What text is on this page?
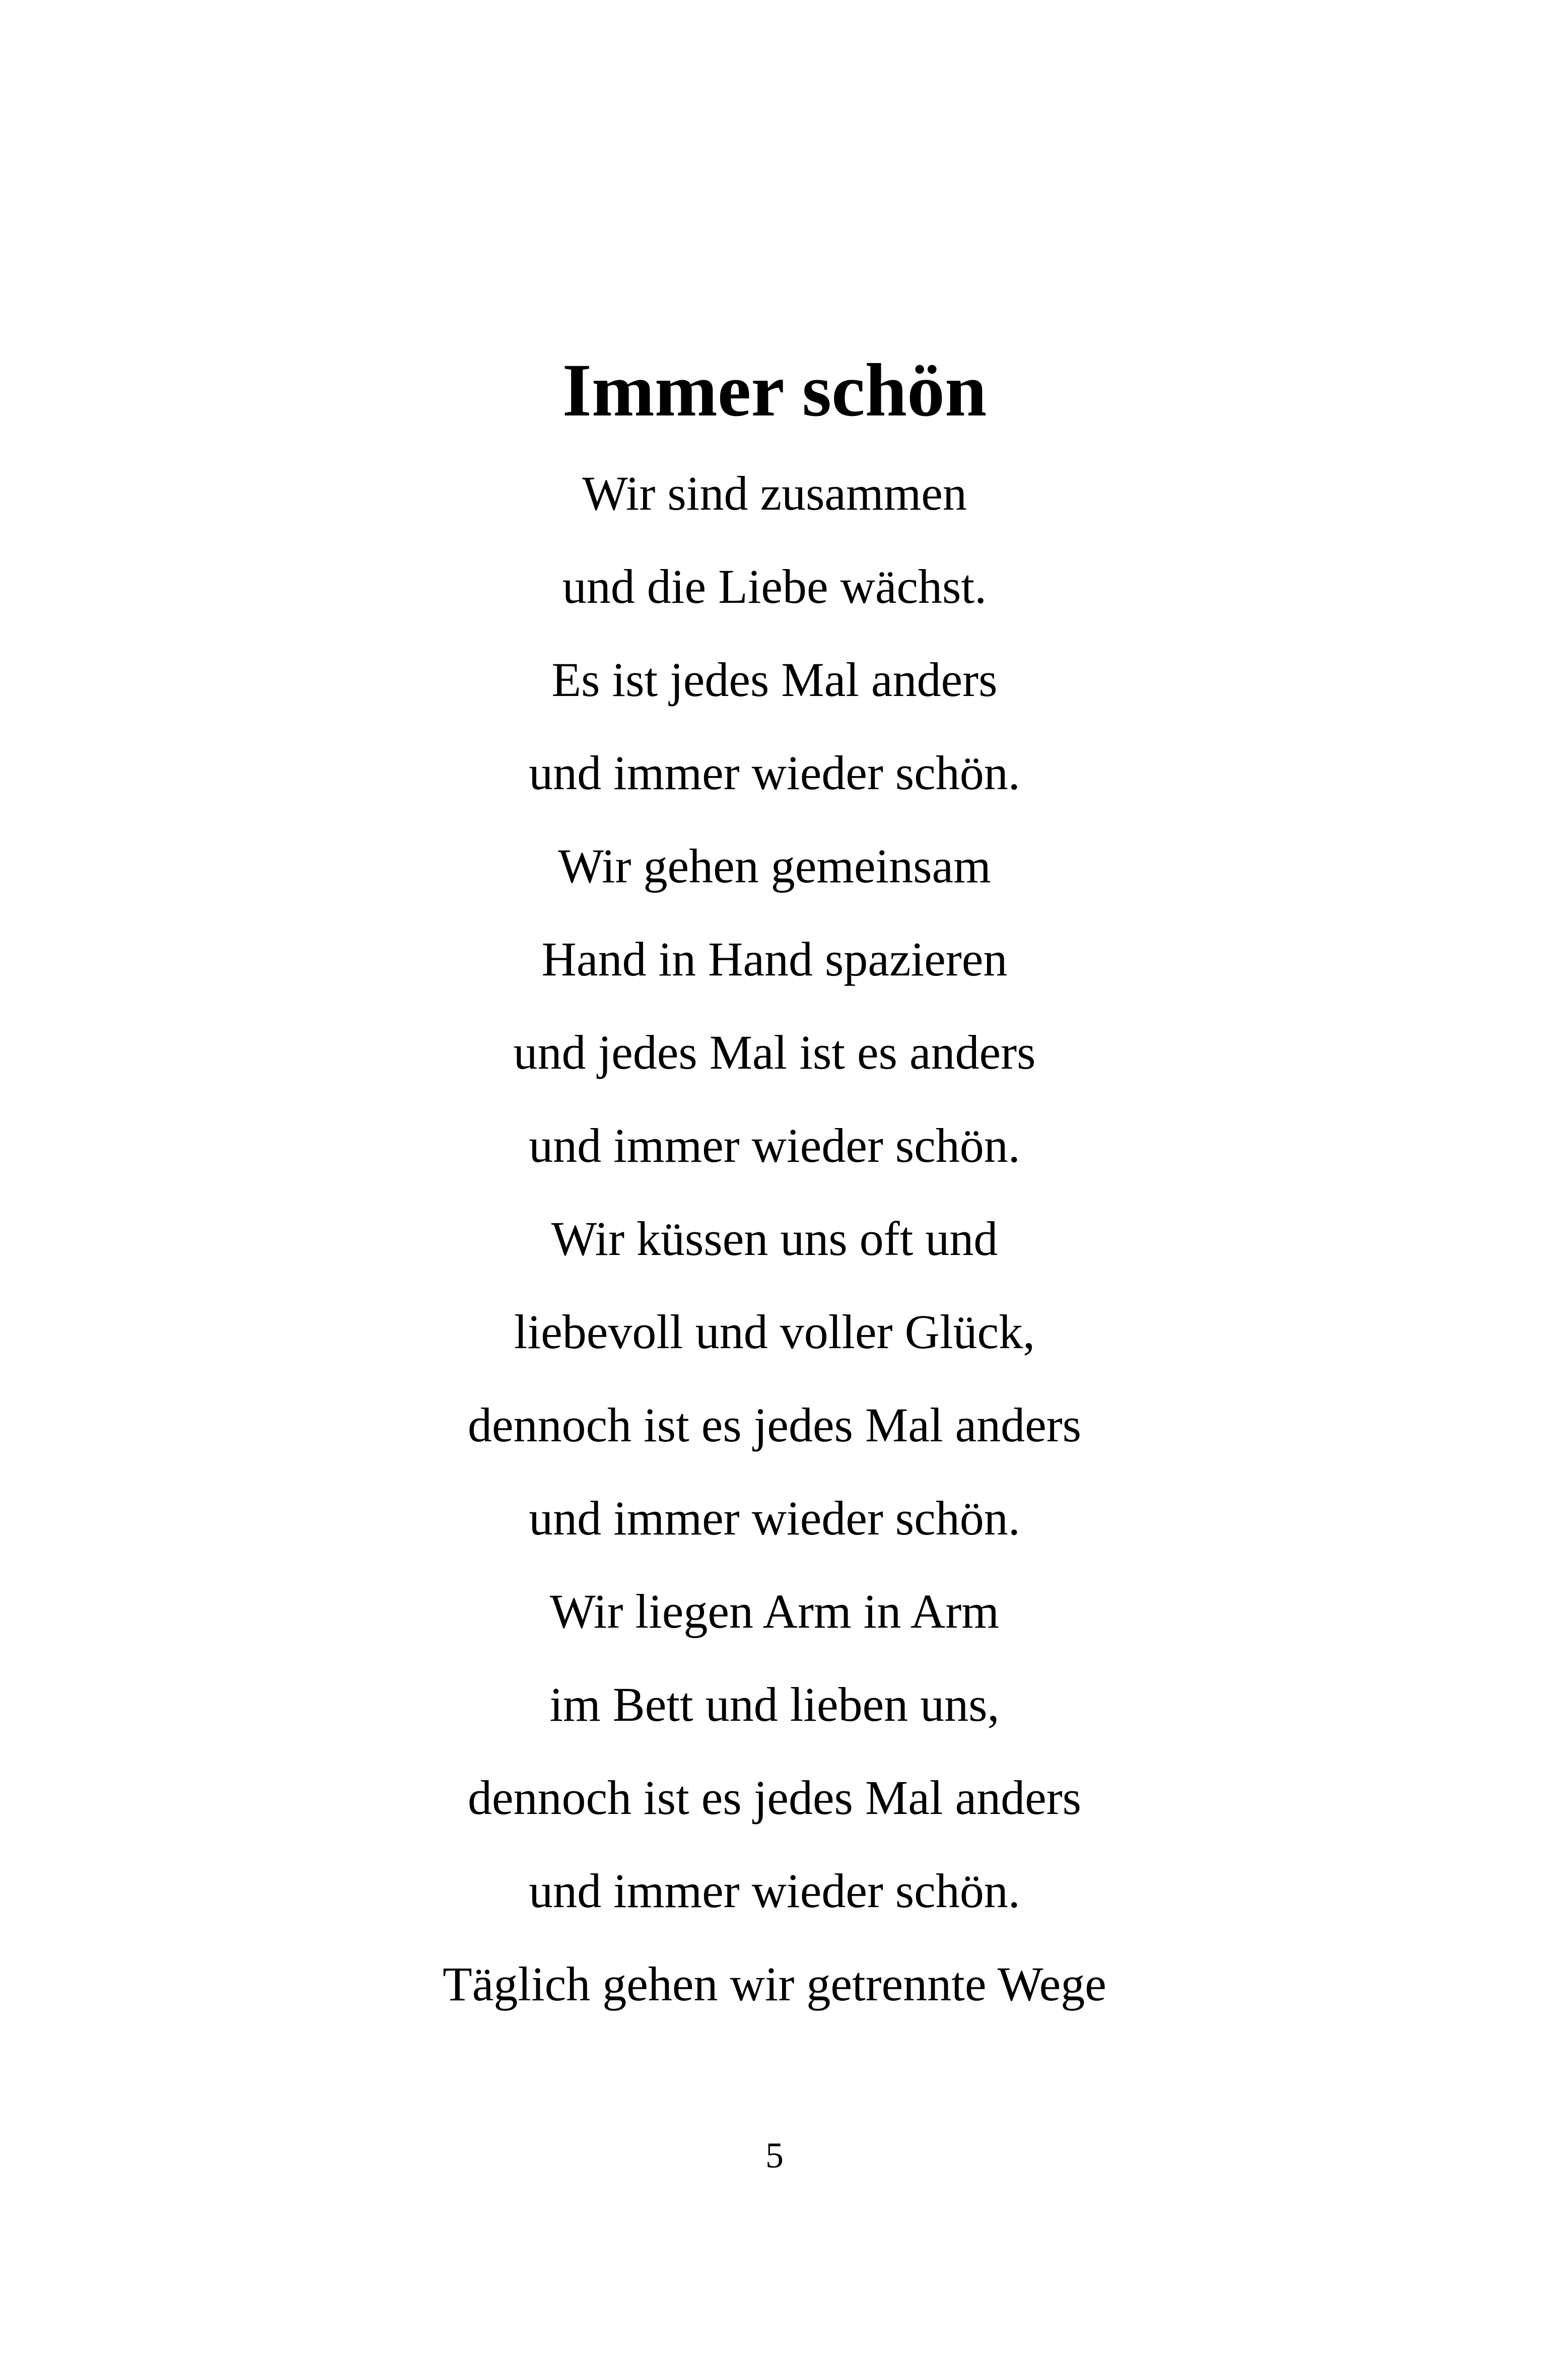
Immer schön
Wir sind zusammen
und die Liebe wächst.
Es ist jedes Mal anders
und immer wieder schön.
Wir gehen gemeinsam
Hand in Hand spazieren
und jedes Mal ist es anders
und immer wieder schön.
Wir küssen uns oft und
liebevoll und voller Glück,
dennoch ist es jedes Mal anders
und immer wieder schön.
Wir liegen Arm in Arm
im Bett und lieben uns,
dennoch ist es jedes Mal anders
und immer wieder schön.
Täglich gehen wir getrennte Wege
5
